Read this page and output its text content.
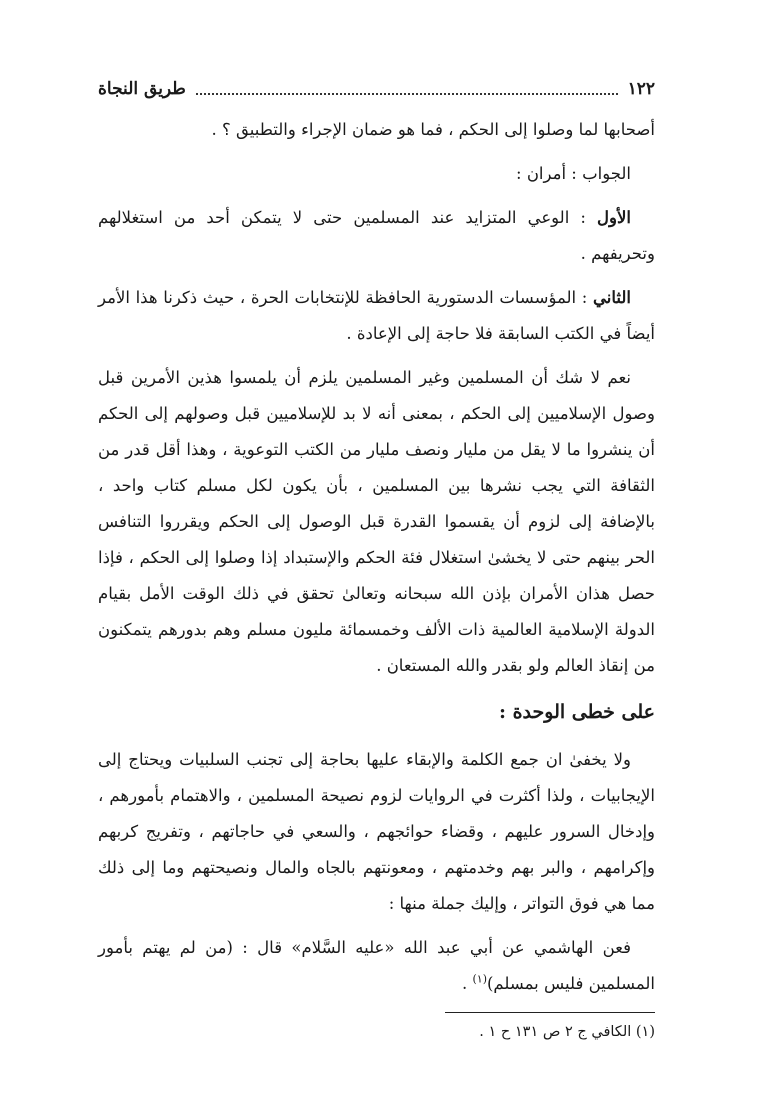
١٢٢
طريق النجاة

أصحابها لما وصلوا إلى الحكم ، فما هو ضمان الإجراء والتطبيق ؟ .

الجواب : أمران :

الأول : الوعي المتزايد عند المسلمين حتى لا يتمكن أحد من استغلالهم وتحريفهم .

الثاني : المؤسسات الدستورية الحافظة للإنتخابات الحرة ، حيث ذكرنا هذا الأمر أيضاً في الكتب السابقة فلا حاجة إلى الإعادة .

نعم لا شك أن المسلمين وغير المسلمين يلزم أن يلمسوا هذين الأمرين قبل وصول الإسلاميين إلى الحكم ، بمعنى أنه لا بد للإسلاميين قبل وصولهم إلى الحكم أن ينشروا ما لا يقل من مليار ونصف مليار من الكتب التوعوية ، وهذا أقل قدر من الثقافة التي يجب نشرها بين المسلمين ، بأن يكون لكل مسلم كتاب واحد ، بالإضافة إلى لزوم أن يقسموا القدرة قبل الوصول إلى الحكم ويقرروا التنافس الحر بينهم حتى لا يخشىٰ استغلال فئة الحكم والإستبداد إذا وصلوا إلى الحكم ، فإذا حصل هذان الأمران بإذن الله سبحانه وتعالىٰ تحقق في ذلك الوقت الأمل بقيام الدولة الإسلامية العالمية ذات الألف وخمسمائة مليون مسلم وهم بدورهم يتمكنون من إنقاذ العالم ولو بقدر والله المستعان .

على خطى الوحدة :

ولا يخفىٰ ان جمع الكلمة والإبقاء عليها بحاجة إلى تجنب السلبيات ويحتاج إلى الإيجابيات ، ولذا أكثرت في الروايات لزوم نصيحة المسلمين ، والاهتمام بأمورهم ، وإدخال السرور عليهم ، وقضاء حوائجهم ، والسعي في حاجاتهم ، وتفريج كربهم وإكرامهم ، والبر بهم وخدمتهم ، ومعونتهم بالجاه والمال ونصيحتهم وما إلى ذلك مما هي فوق التواتر ، وإليك جملة منها :

فعن الهاشمي عن أبي عبد الله «عليه السَّلام» قال : (من لم يهتم بأمور المسلمين فليس بمسلم)$^{(١)}$ .

(١) الكافي ج ٢ ص ١٣١ ح ١ .
